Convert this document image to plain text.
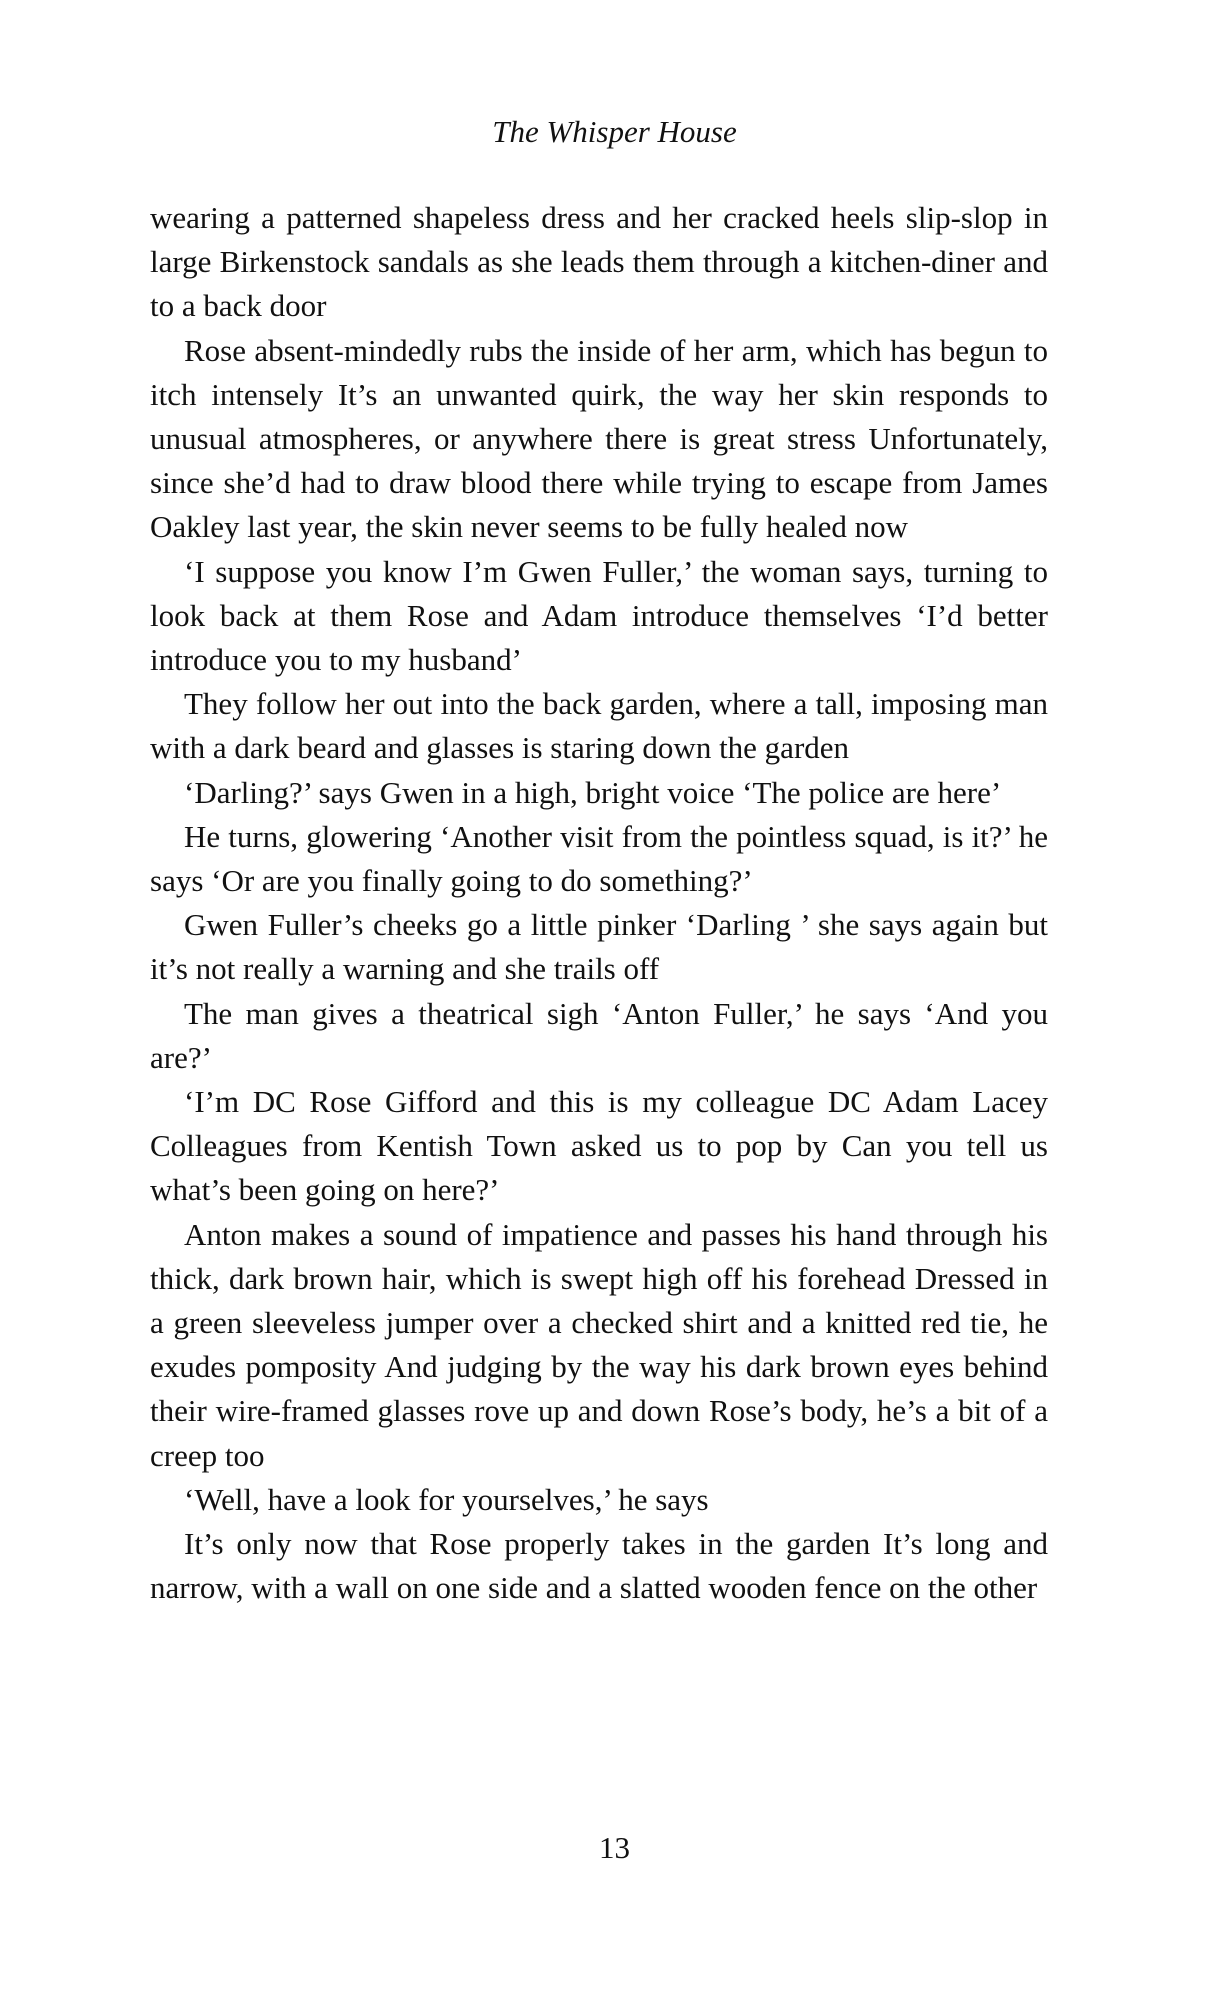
The Whisper House

wearing a patterned shapeless dress and her cracked heels slip-slop in large Birkenstock sandals as she leads them through a kitchen-diner and to a back door

Rose absent-mindedly rubs the inside of her arm, which has begun to itch intensely It’s an unwanted quirk, the way her skin responds to unusual atmospheres, or anywhere there is great stress Unfortunately, since she’d had to draw blood there while trying to escape from James Oakley last year, the skin never seems to be fully healed now

‘I suppose you know I’m Gwen Fuller,’ the woman says, turning to look back at them Rose and Adam introduce themselves ‘I’d better introduce you to my husband’

They follow her out into the back garden, where a tall, imposing man with a dark beard and glasses is staring down the garden

‘Darling?’ says Gwen in a high, bright voice ‘The police are here’

He turns, glowering ‘Another visit from the pointless squad, is it?’ he says ‘Or are you finally going to do something?’

Gwen Fuller’s cheeks go a little pinker ‘Darling ’ she says again but it’s not really a warning and she trails off

The man gives a theatrical sigh ‘Anton Fuller,’ he says ‘And you are?’

‘I’m DC Rose Gifford and this is my colleague DC Adam Lacey Colleagues from Kentish Town asked us to pop by Can you tell us what’s been going on here?’

Anton makes a sound of impatience and passes his hand through his thick, dark brown hair, which is swept high off his forehead Dressed in a green sleeveless jumper over a checked shirt and a knitted red tie, he exudes pomposity And judging by the way his dark brown eyes behind their wire-framed glasses rove up and down Rose’s body, he’s a bit of a creep too

‘Well, have a look for yourselves,’ he says

It’s only now that Rose properly takes in the garden It’s long and narrow, with a wall on one side and a slatted wooden fence on the other

13
